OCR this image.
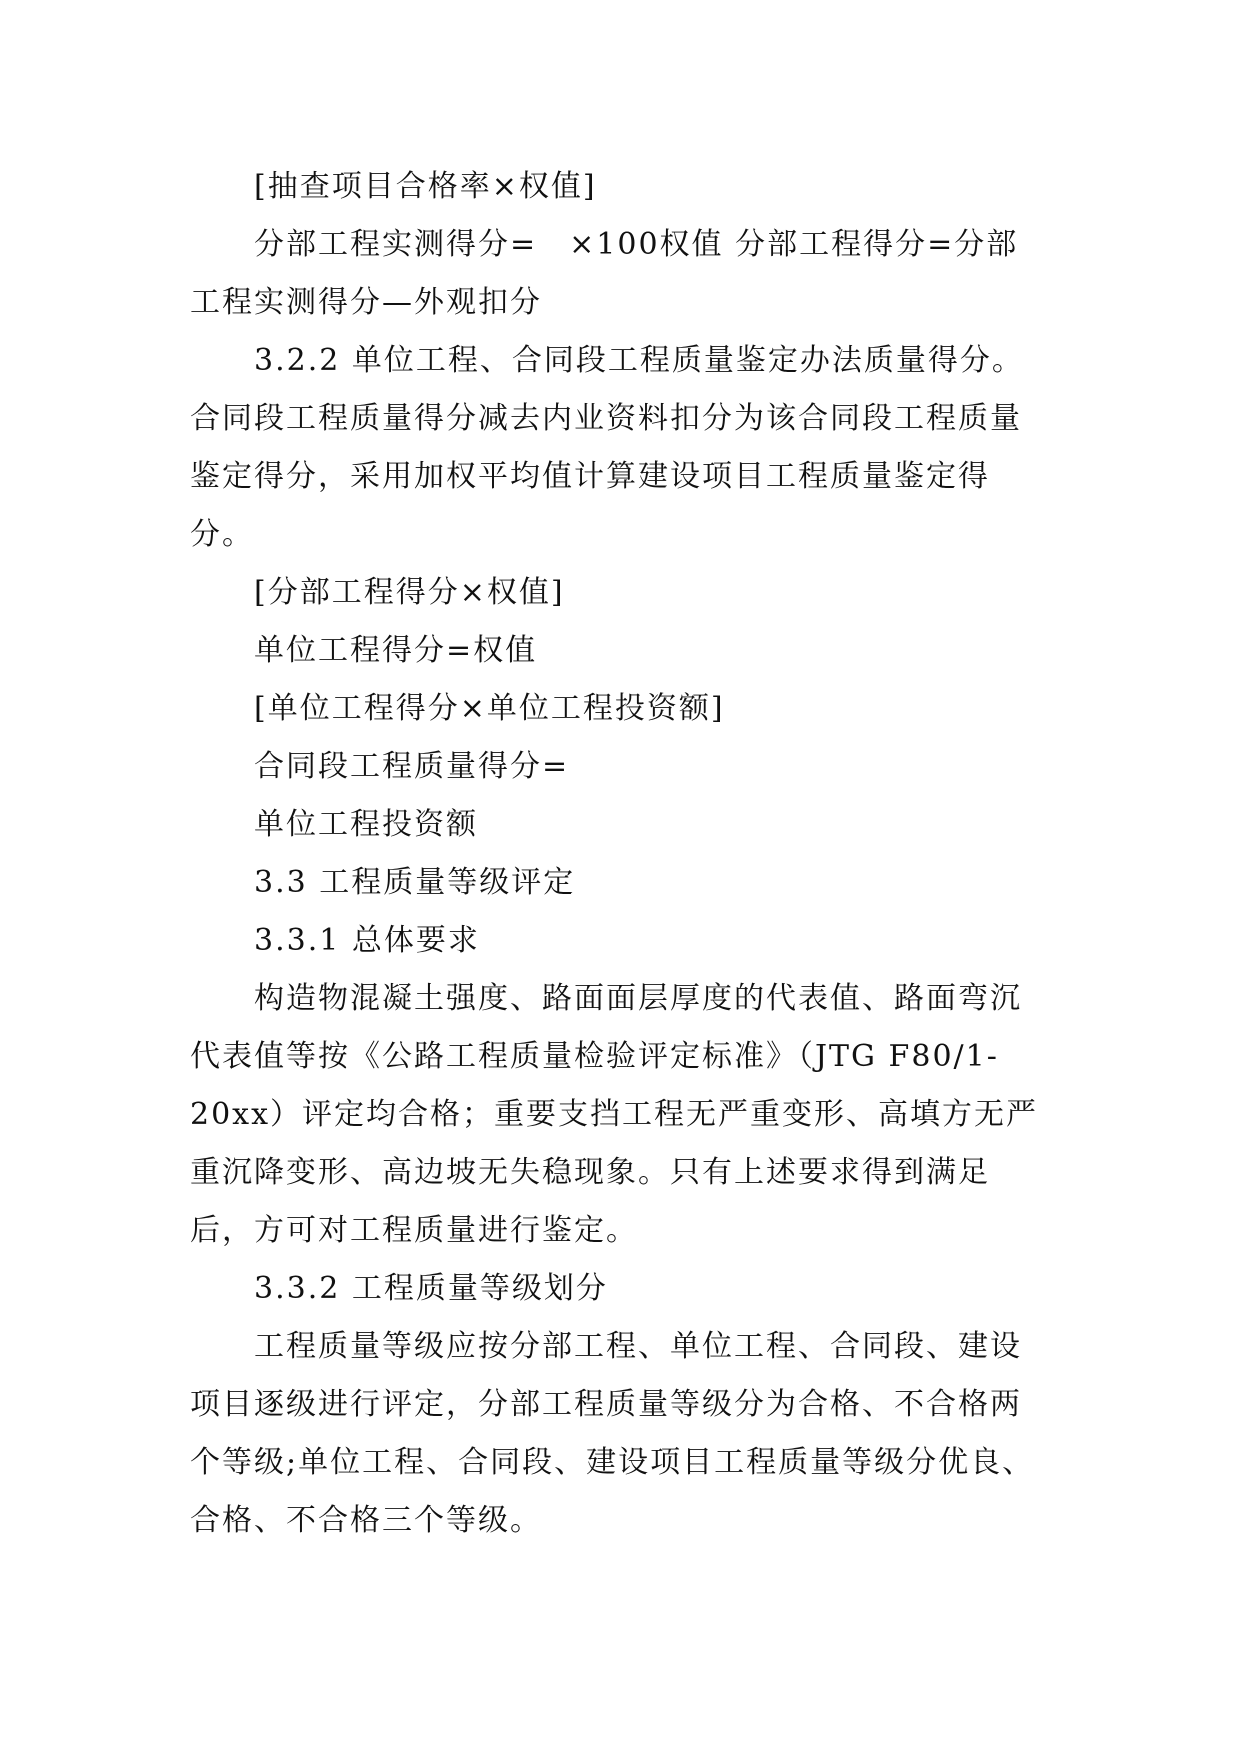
[抽查项目合格率×权值]

分部工程实测得分=　×100权值 分部工程得分=分部工程实测得分—外观扣分

3.2.2 单位工程、合同段工程质量鉴定办法质量得分。合同段工程质量得分减去内业资料扣分为该合同段工程质量鉴定得分，采用加权平均值计算建设项目工程质量鉴定得分。

[分部工程得分×权值]

单位工程得分=权值

[单位工程得分×单位工程投资额]

合同段工程质量得分=

单位工程投资额

3.3 工程质量等级评定

3.3.1 总体要求

构造物混凝土强度、路面面层厚度的代表值、路面弯沉代表值等按《公路工程质量检验评定标准》（JTG F80/1-20xx）评定均合格；重要支挡工程无严重变形、高填方无严重沉降变形、高边坡无失稳现象。只有上述要求得到满足后，方可对工程质量进行鉴定。

3.3.2 工程质量等级划分

工程质量等级应按分部工程、单位工程、合同段、建设项目逐级进行评定，分部工程质量等级分为合格、不合格两个等级;单位工程、合同段、建设项目工程质量等级分优良、合格、不合格三个等级。
